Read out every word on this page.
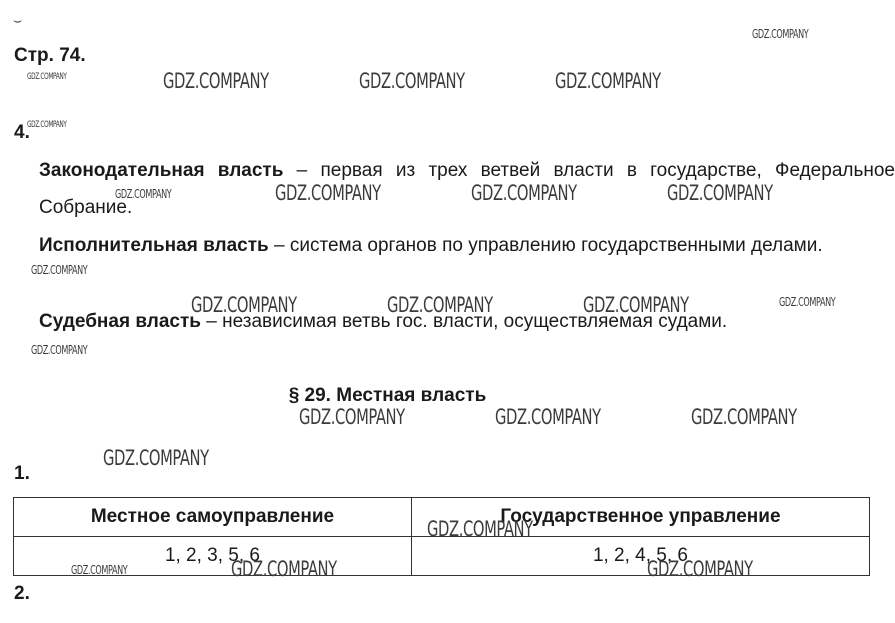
⌣
Стр. 74.
4.
Законодательная власть – первая из трех ветвей власти в государстве, Федеральное Собрание.
Исполнительная власть – система органов по управлению государственными делами.
Судебная власть – независимая ветвь гос. власти, осуществляемая судами.
§ 29. Местная власть
1.
Местное самоуправление	Государственное управление
1, 2, 3, 5, 6	1, 2, 4, 5, 6
2.
GDZ.COMPANY
GDZ.COMPANY	GDZ.COMPANY	GDZ.COMPANY	GDZ.COMPANY
GDZ.COMPANY
GDZ.COMPANY	GDZ.COMPANY	GDZ.COMPANY	GDZ.COMPANY
GDZ.COMPANY
GDZ.COMPANY	GDZ.COMPANY	GDZ.COMPANY	GDZ.COMPANY
GDZ.COMPANY
GDZ.COMPANY	GDZ.COMPANY	GDZ.COMPANY
GDZ.COMPANY
GDZ.COMPANY
GDZ.COMPANY	GDZ.COMPANY	GDZ.COMPANY
